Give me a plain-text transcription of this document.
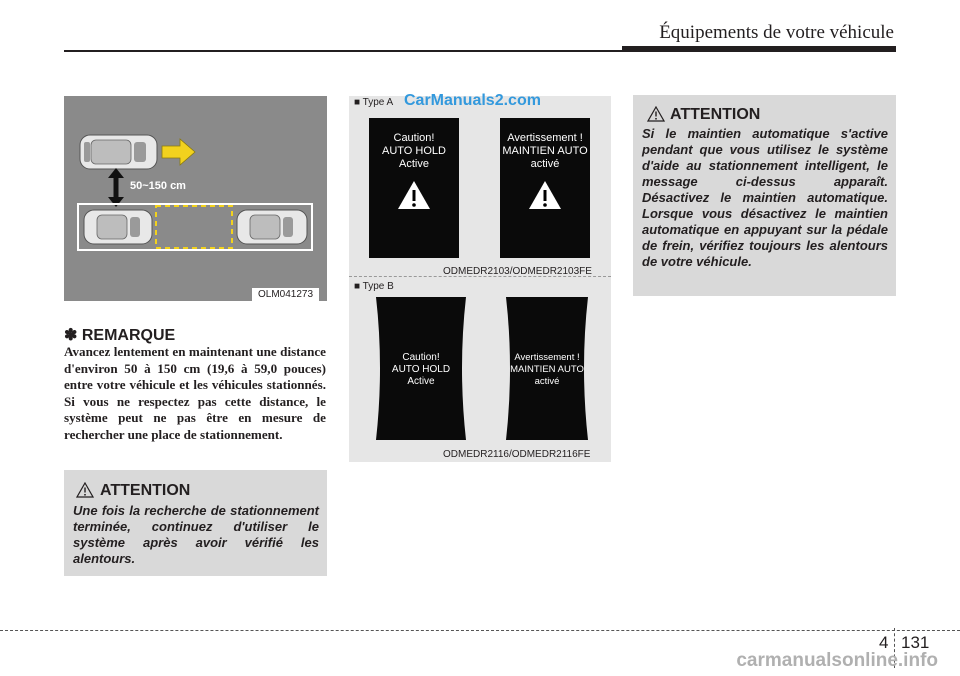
Équipements de votre véhicule
50~150 cm
OLM041273
✽ REMARQUE
Avancez lentement en maintenant une distance d'environ 50 à 150 cm (19,6 à 59,0 pouces) entre votre véhicule et les véhicules stationnés. Si vous ne respectez pas cette distance, le système peut ne pas être en mesure de rechercher une place de stationnement.
ATTENTION
Une fois la recherche de stationnement terminée, continuez d'utiliser le système après avoir vérifié les alentours.
■ Type A CarManuals2.com
Caution!
AUTO HOLD
Active
Avertissement !
MAINTIEN AUTO
activé
ODMEDR2103/ODMEDR2103FE
■ Type B
Caution!
AUTO HOLD
Active
Avertissement !
MAINTIEN AUTO
activé
ODMEDR2116/ODMEDR2116FE
ATTENTION
Si le maintien automatique s'active pendant que vous utilisez le système d'aide au stationnement intelligent, le message ci-dessus apparaît. Désactivez le maintien automatique. Lorsque vous désactivez le maintien automatique en appuyant sur la pédale de frein, vérifiez toujours les alentours de votre véhicule.
4 131
carmanualsonline.info
